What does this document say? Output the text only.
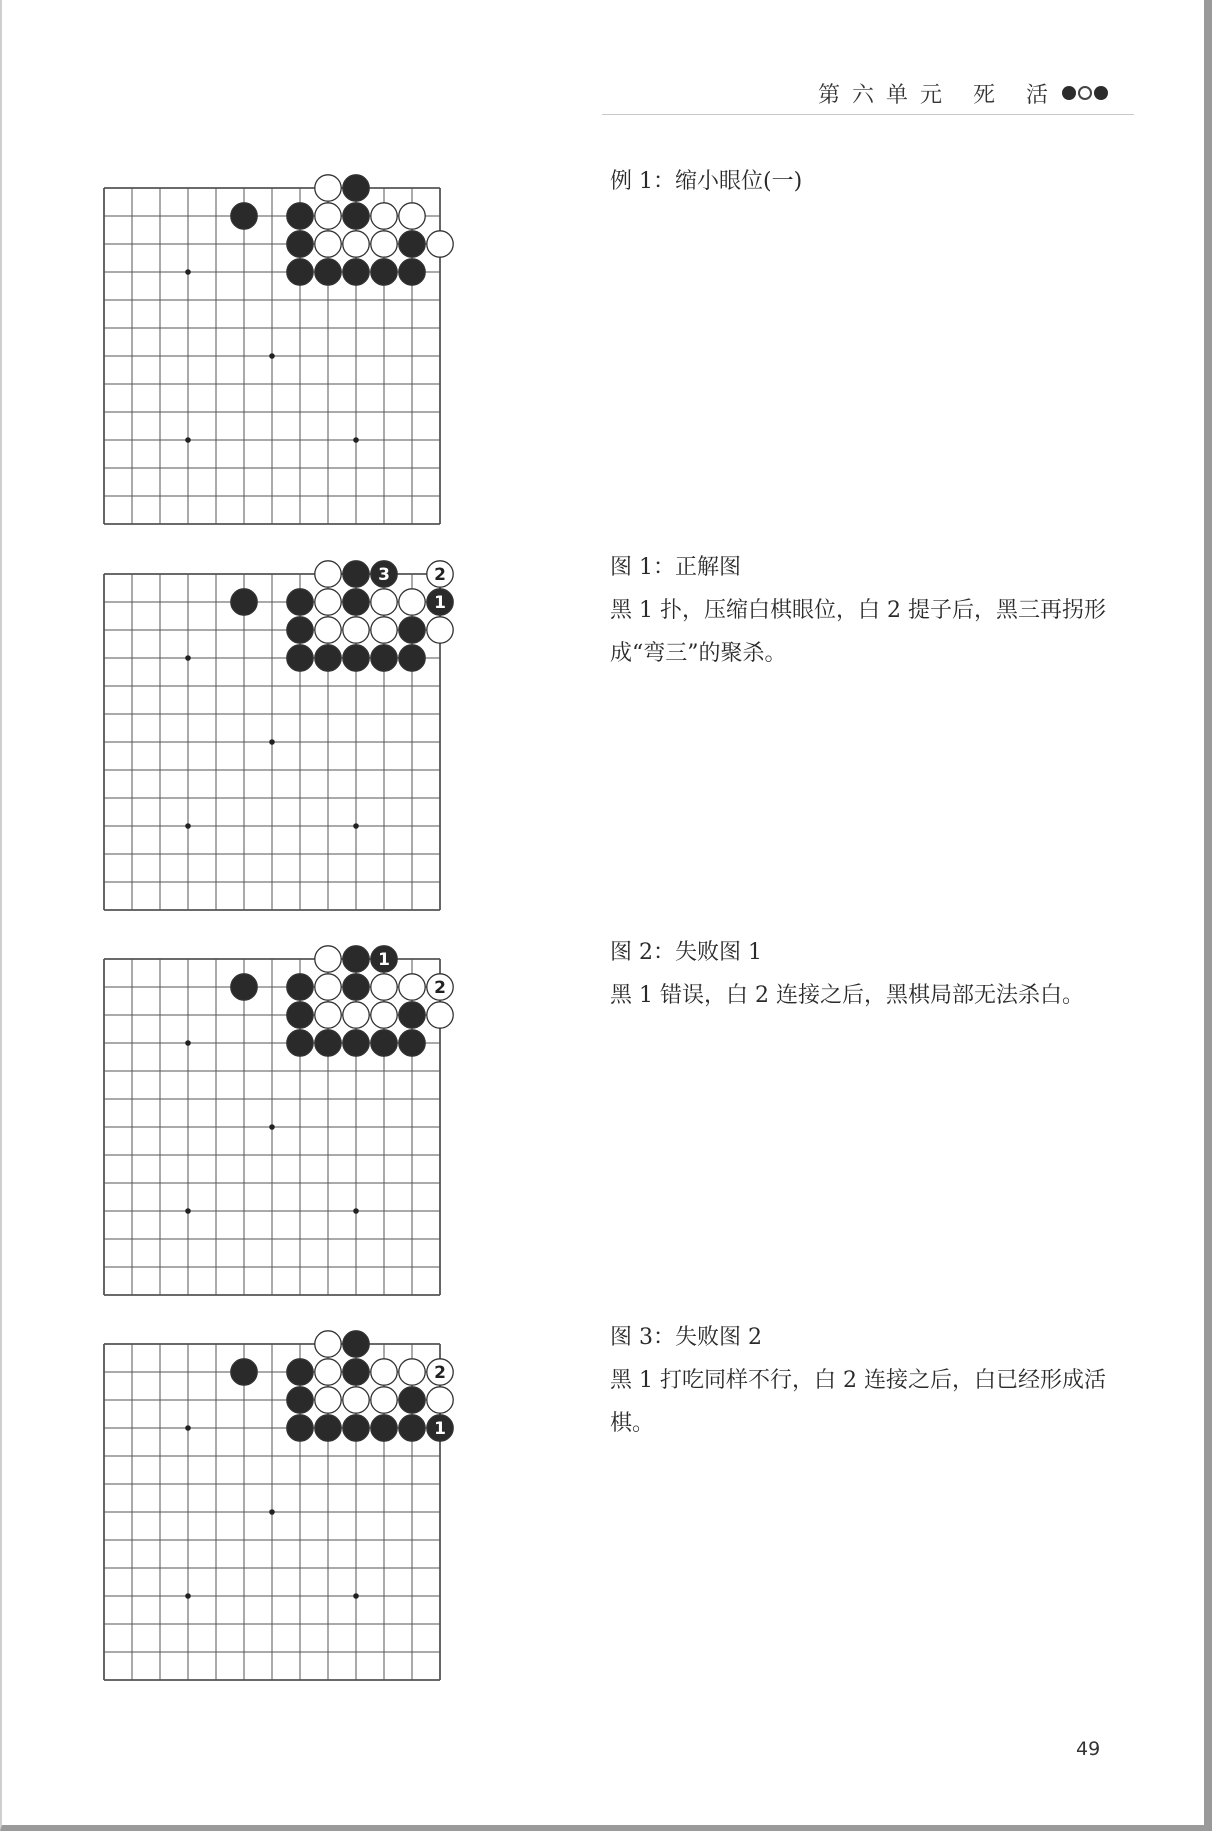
第六单元 死 活
例 1：缩小眼位(一)
3	2
1
图 1：正解图
黑 1 扑，压缩白棋眼位，白 2 提子后，黑三再拐形成“弯三”的聚杀。
1
2
图 2：失败图 1
黑 1 错误，白 2 连接之后，黑棋局部无法杀白。
2
1
图 3：失败图 2
黑 1 打吃同样不行，白 2 连接之后，白已经形成活棋。
49
